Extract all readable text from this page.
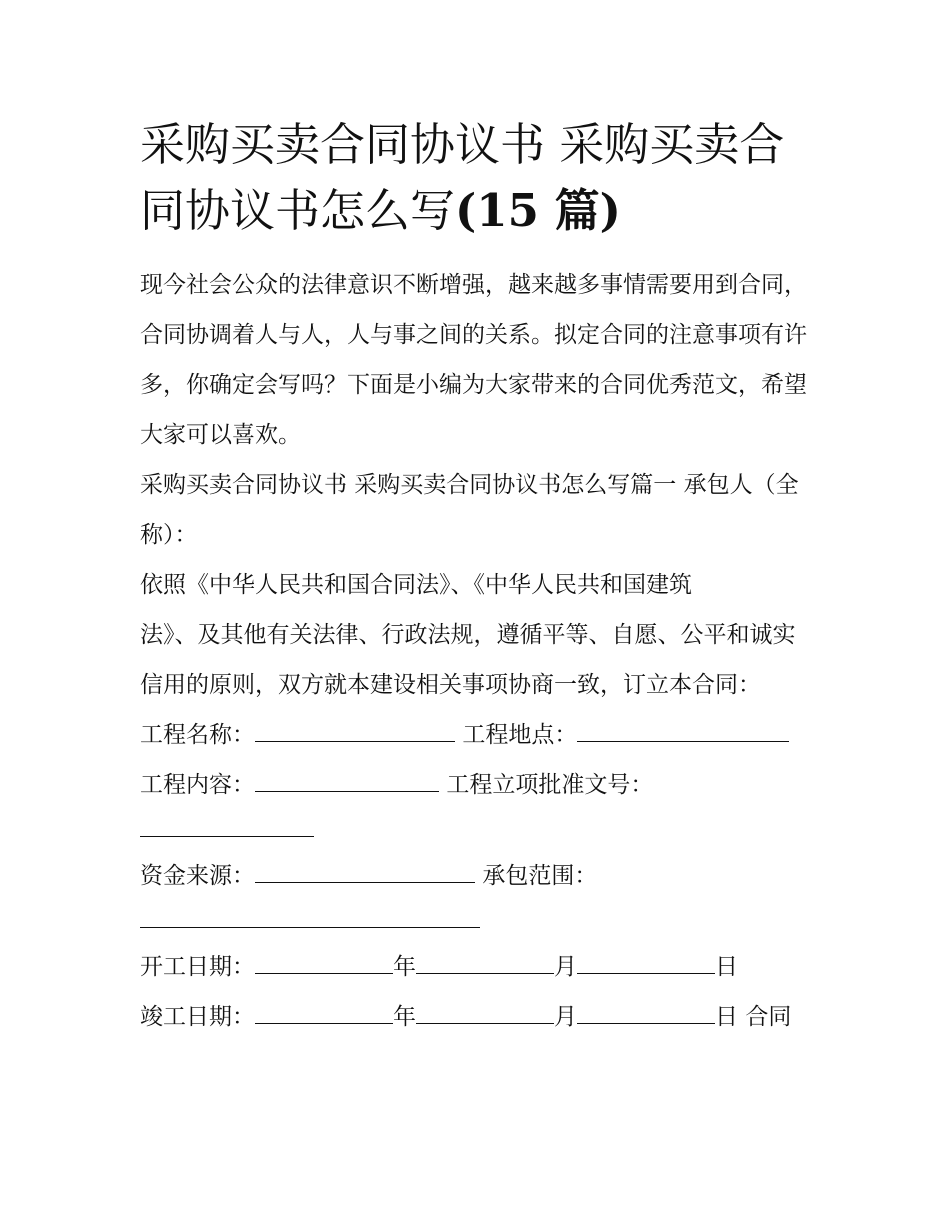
采购买卖合同协议书 采购买卖合同协议书怎么写(15 篇)

现今社会公众的法律意识不断增强，越来越多事情需要用到合同，合同协调着人与人，人与事之间的关系。拟定合同的注意事项有许多，你确定会写吗？下面是小编为大家带来的合同优秀范文，希望大家可以喜欢。

采购买卖合同协议书 采购买卖合同协议书怎么写篇一 承包人（全称）：

依照《中华人民共和国合同法》、《中华人民共和国建筑

法》、及其他有关法律、行政法规，遵循平等、自愿、公平和诚实信用的原则，双方就本建设相关事项协商一致，订立本合同：

工程名称：	工程地点：

工程内容：	工程立项批准文号：

资金来源：	承包范围：

开工日期：	年	月	日

竣工日期：	年	月	日 合同
